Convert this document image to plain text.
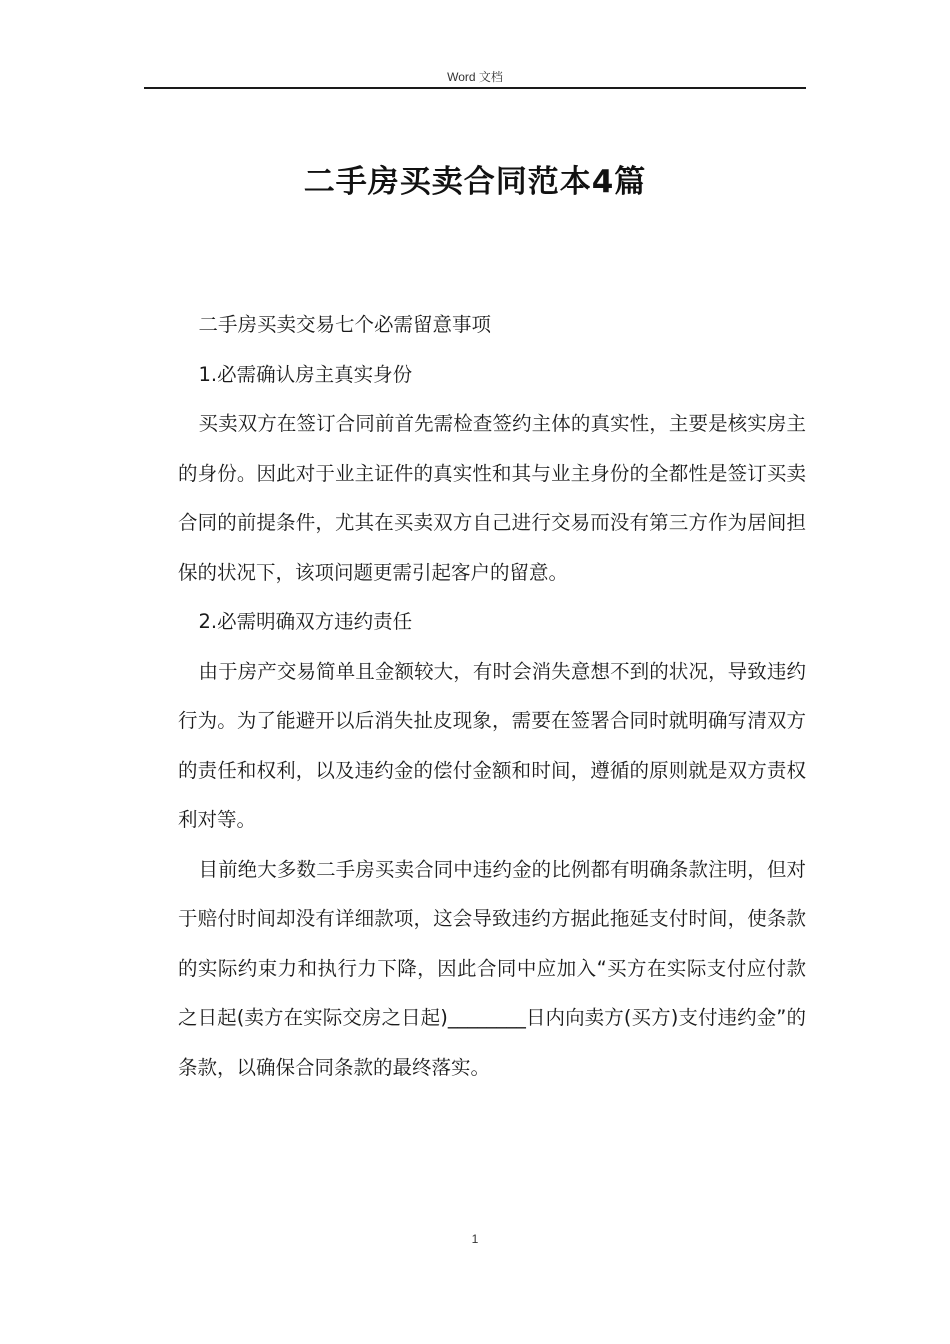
Word 文档
二手房买卖合同范本4篇

二手房买卖交易七个必需留意事项

1.必需确认房主真实身份

买卖双方在签订合同前首先需检查签约主体的真实性，主要是核实房主的身份。因此对于业主证件的真实性和其与业主身份的全都性是签订买卖合同的前提条件，尤其在买卖双方自己进行交易而没有第三方作为居间担保的状况下，该项问题更需引起客户的留意。

2.必需明确双方违约责任

由于房产交易简单且金额较大，有时会消失意想不到的状况，导致违约行为。为了能避开以后消失扯皮现象，需要在签署合同时就明确写清双方的责任和权利，以及违约金的偿付金额和时间，遵循的原则就是双方责权利对等。

目前绝大多数二手房买卖合同中违约金的比例都有明确条款注明，但对于赔付时间却没有详细款项，这会导致违约方据此拖延支付时间，使条款的实际约束力和执行力下降，因此合同中应加入“买方在实际支付应付款之日起(卖方在实际交房之日起)________日内向卖方(买方)支付违约金”的条款，以确保合同条款的最终落实。

1
